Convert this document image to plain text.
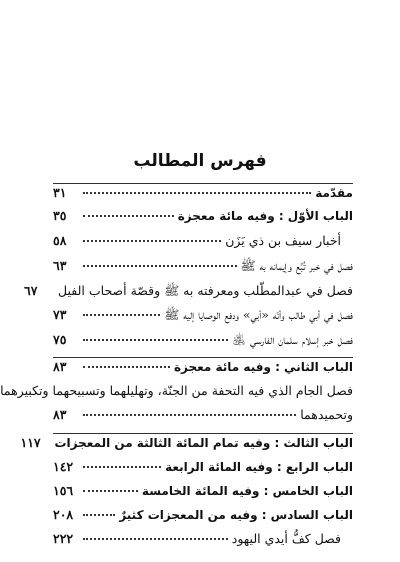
فهرس المطالب
مقدّمة
٣١
الباب الأوّل : وفيه مائة معجزة
٣٥
أخبار سيف بن ذي يَزَن
٥٨
فصل في خبر تُبَّع وإيمانه به ﷺ
٦٣
فصل في عبدالمطّلب ومعرفته به ﷺ وقصّة أصحاب الفيل
٦٧
فصل في أبي طالب وأنّه «أبي» ودفع الوصايا إليه ﷺ
٧٣
فصل خبر إسلام سلمان الفارسي ﵁
٧٥
الباب الثاني : وفيه مائة معجزة
٨٣
فصل الجام الذي فيه التحفة من الجنّة، وتهليلهما وتسبيحهما وتكبيرهما
وتحميدهما
٨٣
الباب الثالث : وفيه تمام المائة الثالثة من المعجزات
١١٧
الباب الرابع : وفيه المائة الرابعة
١٤٢
الباب الخامس : وفيه المائة الخامسة
١٥٦
الباب السادس : وفيه من المعجزات كثيرٌ
٢٠٨
فصل كفُّ أيدي اليهود
٢٢٢
